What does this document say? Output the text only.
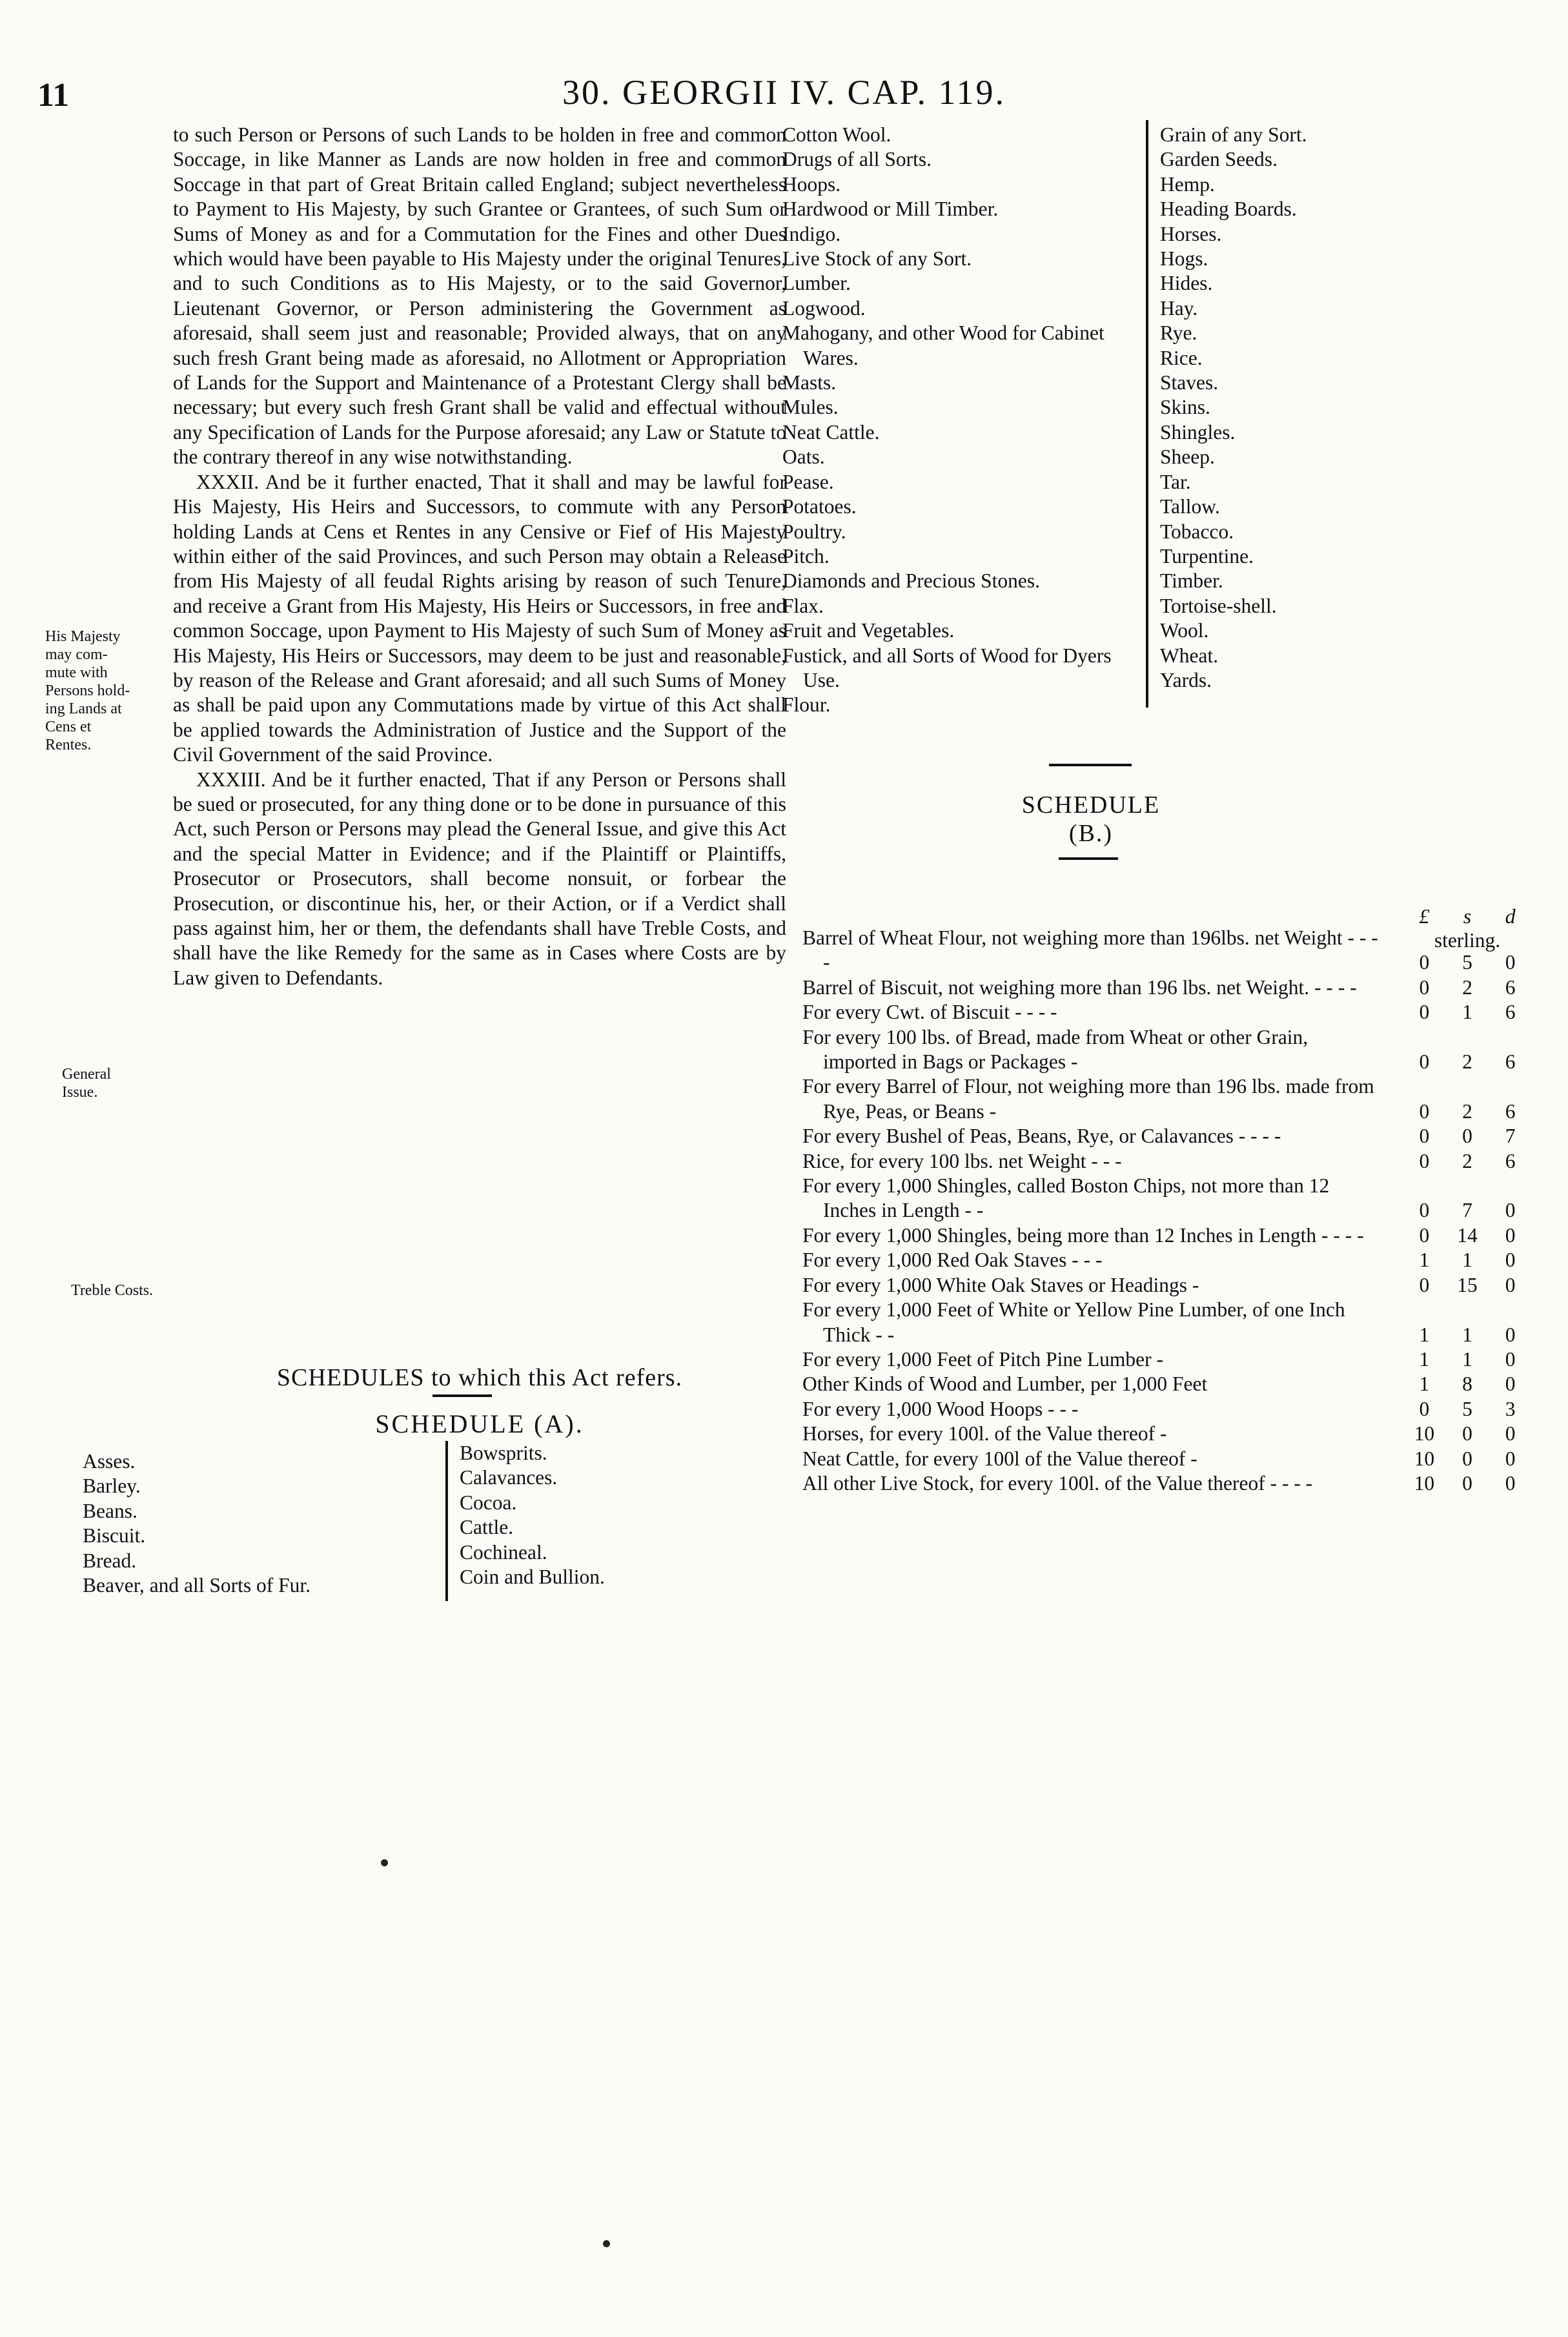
11	30. GEORGII IV. CAP. 119.

to such Person or Persons of such Lands to be holden in free and common Soccage, in like Manner as Lands are now holden in free and common Soccage in that part of Great Britain called England; subject nevertheless to Payment to His Majesty, by such Grantee or Grantees, of such Sum or Sums of Money as and for a Commutation for the Fines and other Dues which would have been payable to His Majesty under the original Tenures, and to such Conditions as to His Majesty, or to the said Governor, Lieutenant Governor, or Person administering the Government as aforesaid, shall seem just and reasonable; Provided always, that on any such fresh Grant being made as aforesaid, no Allotment or Appropriation of Lands for the Support and Maintenance of a Protestant Clergy shall be necessary; but every such fresh Grant shall be valid and effectual without any Specification of Lands for the Purpose aforesaid; any Law or Statute to the contrary thereof in any wise notwithstanding.

XXXII. And be it further enacted, That it shall and may be lawful for His Majesty, His Heirs and Successors, to commute with any Person holding Lands at Cens et Rentes in any Censive or Fief of His Majesty within either of the said Provinces, and such Person may obtain a Release from His Majesty of all feudal Rights arising by reason of such Tenure, and receive a Grant from His Majesty, His Heirs or Successors, in free and common Soccage, upon Payment to His Majesty of such Sum of Money as His Majesty, His Heirs or Successors, may deem to be just and reasonable, by reason of the Release and Grant aforesaid; and all such Sums of Money as shall be paid upon any Commutations made by virtue of this Act shall be applied towards the Administration of Justice and the Support of the Civil Government of the said Province.

XXXIII. And be it further enacted, That if any Person or Persons shall be sued or prosecuted, for any thing done or to be done in pursuance of this Act, such Person or Persons may plead the General Issue, and give this Act and the special Matter in Evidence; and if the Plaintiff or Plaintiffs, Prosecutor or Prosecutors, shall become nonsuit, or forbear the Prosecution, or discontinue his, her, or their Action, or if a Verdict shall pass against him, her or them, the defendants shall have Treble Costs, and shall have the like Remedy for the same as in Cases where Costs are by Law given to Defendants.

His Majesty
may com-
mute with
Persons hold-
ing Lands at
Cens et
Rentes.
General
Issue.
Treble Costs.
SCHEDULES to which this Act refers.
SCHEDULE (A).
Asses.
Barley.
Beans.
Biscuit.
Bread.
Beaver, and all Sorts of Fur.
Bowsprits.
Calavances.
Cocoa.
Cattle.
Cochineal.
Coin and Bullion.
Cotton Wool.
Drugs of all Sorts.
Hoops.
Hardwood or Mill Timber.
Indigo.
Live Stock of any Sort.
Lumber.
Logwood.
Mahogany, and other Wood for Cabinet Wares.
Masts.
Mules.
Neat Cattle.
Oats.
Pease.
Potatoes.
Poultry.
Pitch.
Diamonds and Precious Stones.
Flax.
Fruit and Vegetables.
Fustick, and all Sorts of Wood for Dyers Use.
Flour.
Grain of any Sort.
Garden Seeds.
Hemp.
Heading Boards.
Horses.
Hogs.
Hides.
Hay.
Rye.
Rice.
Staves.
Skins.
Shingles.
Sheep.
Tar.
Tallow.
Tobacco.
Turpentine.
Timber.
Tortoise-shell.
Wool.
Wheat.
Yards.
SCHEDULE (B.)
£	s	d
sterling.
Barrel of Wheat Flour, not weighing more than 196lbs. net Weight - - - -	0	5	0
Barrel of Biscuit, not weighing more than 196 lbs. net Weight. - - - -	0	2	6
For every Cwt. of Biscuit - - - -	0	1	6
For every 100 lbs. of Bread, made from Wheat or other Grain, imported in Bags or Packages -	0	2	6
For every Barrel of Flour, not weighing more than 196 lbs. made from Rye, Peas, or Beans -	0	2	6
For every Bushel of Peas, Beans, Rye, or Calavances - - - -	0	0	7
Rice, for every 100 lbs. net Weight - - -	0	2	6
For every 1,000 Shingles, called Boston Chips, not more than 12 Inches in Length - -	0	7	0
For every 1,000 Shingles, being more than 12 Inches in Length - - - -	0	14	0
For every 1,000 Red Oak Staves - - -	1	1	0
For every 1,000 White Oak Staves or Headings -	0	15	0
For every 1,000 Feet of White or Yellow Pine Lumber, of one Inch Thick - -	1	1	0
For every 1,000 Feet of Pitch Pine Lumber -	1	1	0
Other Kinds of Wood and Lumber, per 1,000 Feet	1	8	0
For every 1,000 Wood Hoops - - -	0	5	3
Horses, for every 100l. of the Value thereof -	10	0	0
Neat Cattle, for every 100l of the Value thereof -	10	0	0
All other Live Stock, for every 100l. of the Value thereof - - - -	10	0	0
